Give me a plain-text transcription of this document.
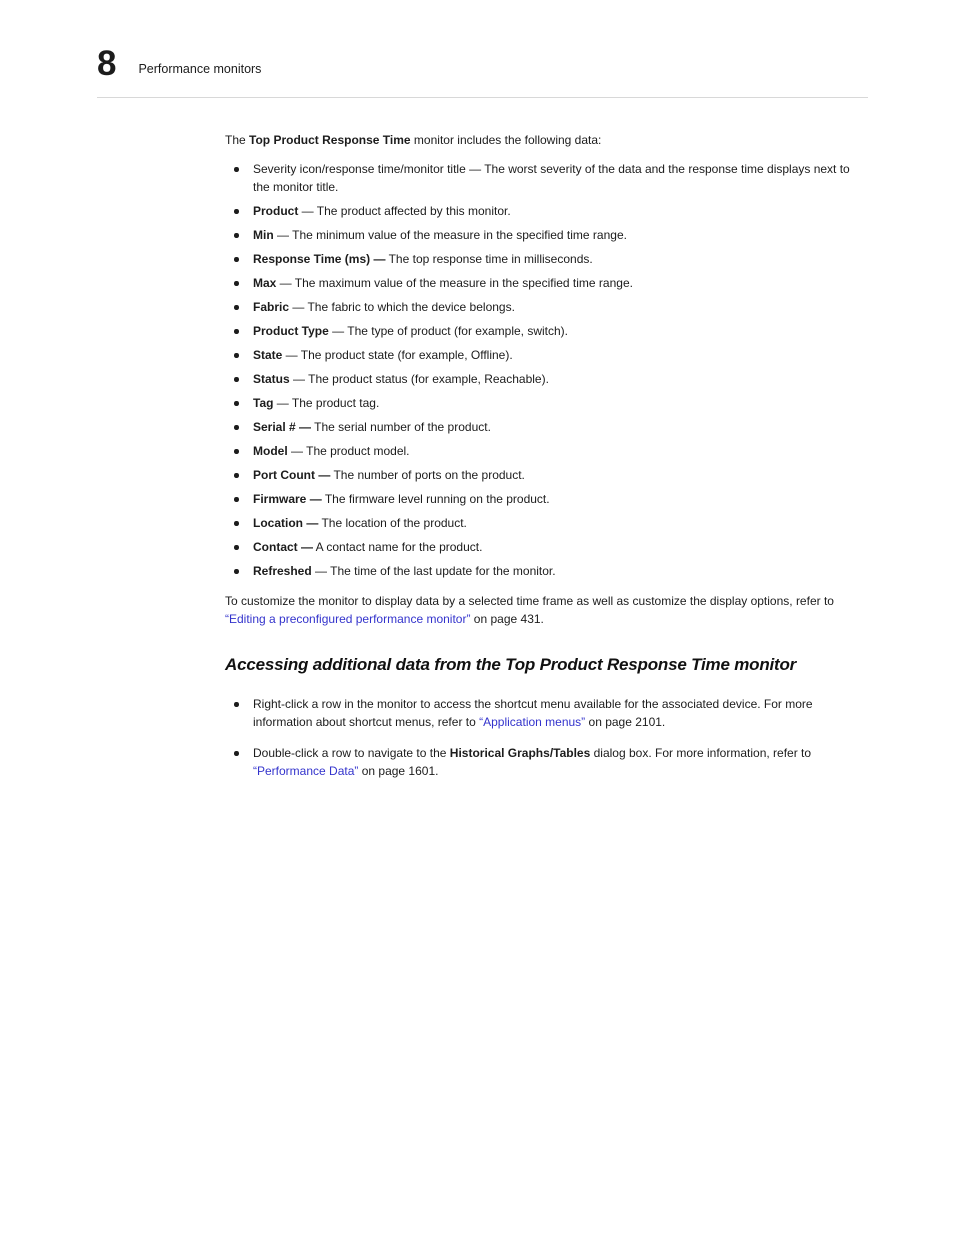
8 Performance monitors

The Top Product Response Time monitor includes the following data:

Severity icon/response time/monitor title — The worst severity of the data and the response time displays next to the monitor title.
Product — The product affected by this monitor.
Min — The minimum value of the measure in the specified time range.
Response Time (ms) — The top response time in milliseconds.
Max — The maximum value of the measure in the specified time range.
Fabric — The fabric to which the device belongs.
Product Type — The type of product (for example, switch).
State — The product state (for example, Offline).
Status — The product status (for example, Reachable).
Tag — The product tag.
Serial # — The serial number of the product.
Model — The product model.
Port Count — The number of ports on the product.
Firmware — The firmware level running on the product.
Location — The location of the product.
Contact — A contact name for the product.
Refreshed — The time of the last update for the monitor.

To customize the monitor to display data by a selected time frame as well as customize the display options, refer to “Editing a preconfigured performance monitor” on page 431.

Accessing additional data from the Top Product Response Time monitor
Right-click a row in the monitor to access the shortcut menu available for the associated device. For more information about shortcut menus, refer to “Application menus” on page 2101.
Double-click a row to navigate to the Historical Graphs/Tables dialog box. For more information, refer to “Performance Data” on page 1601.
